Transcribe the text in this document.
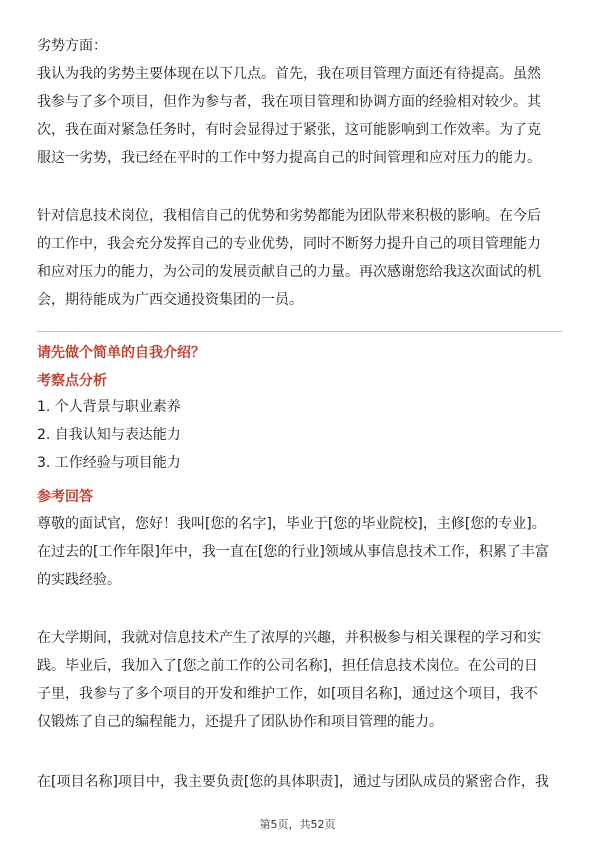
劣势方面：
我认为我的劣势主要体现在以下几点。首先，我在项目管理方面还有待提高。虽然
我参与了多个项目，但作为参与者，我在项目管理和协调方面的经验相对较少。其
次，我在面对紧急任务时，有时会显得过于紧张，这可能影响到工作效率。为了克
服这一劣势，我已经在平时的工作中努力提高自己的时间管理和应对压力的能力。
针对信息技术岗位，我相信自己的优势和劣势都能为团队带来积极的影响。在今后
的工作中，我会充分发挥自己的专业优势，同时不断努力提升自己的项目管理能力
和应对压力的能力，为公司的发展贡献自己的力量。再次感谢您给我这次面试的机
会，期待能成为广西交通投资集团的一员。
请先做个简单的自我介绍？
考察点分析
1. 个人背景与职业素养
2. 自我认知与表达能力
3. 工作经验与项目能力
参考回答
尊敬的面试官，您好！我叫[您的名字]，毕业于[您的毕业院校]，主修[您的专业]。
在过去的[工作年限]年中，我一直在[您的行业]领域从事信息技术工作，积累了丰富
的实践经验。
在大学期间，我就对信息技术产生了浓厚的兴趣，并积极参与相关课程的学习和实
践。毕业后，我加入了[您之前工作的公司名称]，担任信息技术岗位。在公司的日
子里，我参与了多个项目的开发和维护工作，如[项目名称]，通过这个项目，我不
仅锻炼了自己的编程能力，还提升了团队协作和项目管理的能力。
在[项目名称]项目中，我主要负责[您的具体职责]，通过与团队成员的紧密合作，我
第5页，共52页
